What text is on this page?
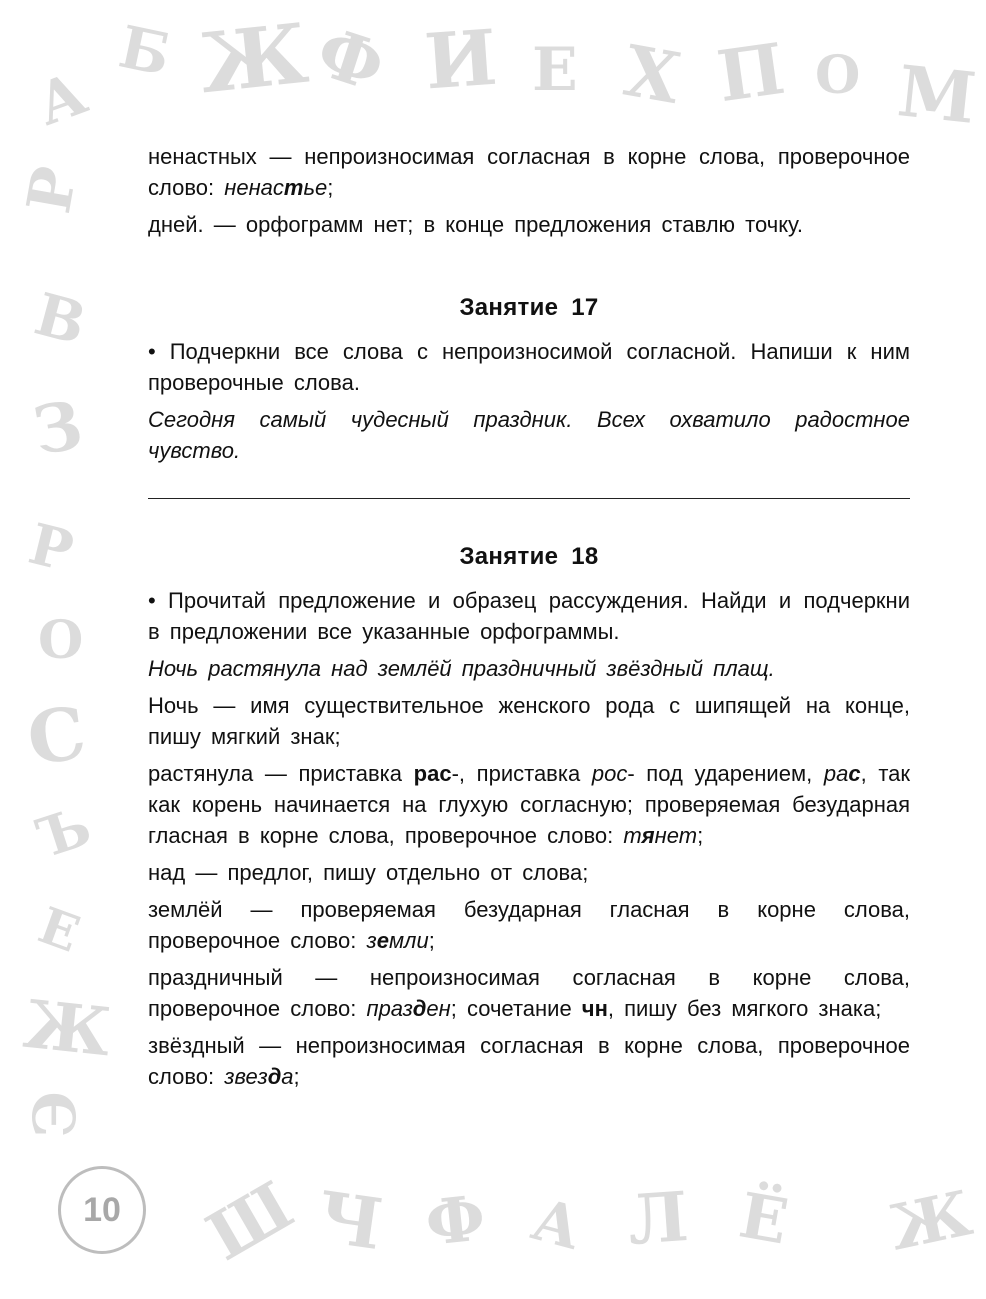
А
Б Ж
Ф И Е Х П О М
Р
В
З
Р
О
С
Ъ
Е
Ж
Э
Ш Ч Ф А Л Ё Ж

ненастных — непроизносимая согласная в корне слова, проверочное слово: ненастье;

дней. — орфограмм нет; в конце предложения ставлю точку.

Занятие 17

• Подчеркни все слова с непроизносимой согласной. Напиши к ним проверочные слова.

Сегодня самый чудесный праздник. Всех охватило радостное чувство.

Занятие 18

• Прочитай предложение и образец рассуждения. Найди и подчеркни в предложении все указанные орфограммы.

Ночь растянула над землёй праздничный звёздный плащ.

Ночь — имя существительное женского рода с шипящей на конце, пишу мягкий знак;

растянула — приставка рас-, приставка рос- под ударением, рас, так как корень начинается на глухую согласную; проверяемая безударная гласная в корне слова, проверочное слово: тянет;

над — предлог, пишу отдельно от слова;

землёй — проверяемая безударная гласная в корне слова, проверочное слово: земли;

праздничный — непроизносимая согласная в корне слова, проверочное слово: празден; сочетание чн, пишу без мягкого знака;

звёздный — непроизносимая согласная в корне слова, проверочное слово: звезда;

10
